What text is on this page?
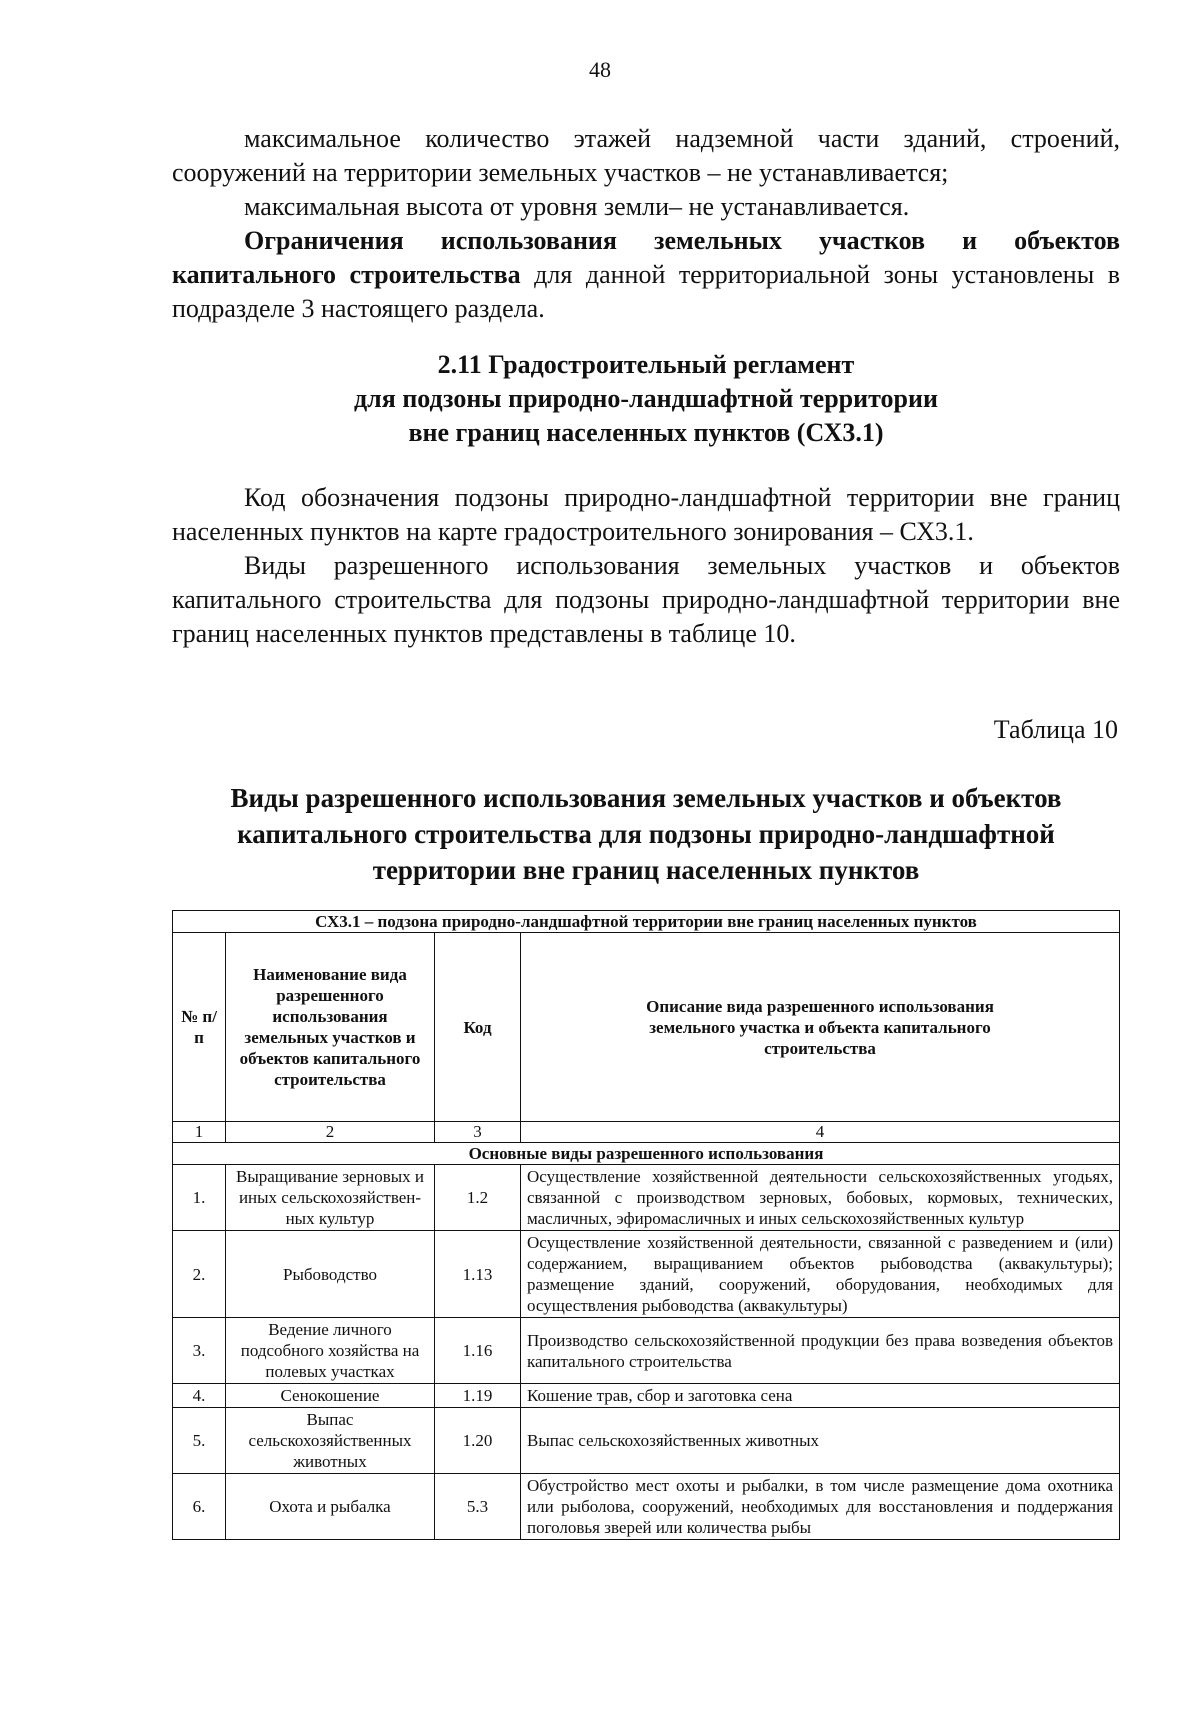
48

максимальное количество этажей надземной части зданий, строений, сооружений на территории земельных участков – не устанавливается;

максимальная высота от уровня земли– не устанавливается.

Ограничения использования земельных участков и объектов капитального строительства для данной территориальной зоны установлены в подразделе 3 настоящего раздела.

2.11 Градостроительный регламент
для подзоны природно-ландшафтной территории
вне границ населенных пунктов (СХ3.1)

Код обозначения подзоны природно-ландшафтной территории вне границ населенных пунктов на карте градостроительного зонирования – СХ3.1.

Виды разрешенного использования земельных участков и объектов капитального строительства для подзоны природно-ландшафтной территории вне границ населенных пунктов представлены в таблице 10.

Таблица 10
Виды разрешенного использования земельных участков и объектов
капитального строительства для подзоны природно-ландшафтной
территории вне границ населенных пунктов
СХ3.1 – подзона природно-ландшафтной территории вне границ населенных пунктов			
№ п/п	Наименование вида разрешенного использования земельных участков и объектов капитального строительства	Код	Описание вида разрешенного использования земельного участка и объекта капитального строительства
1	2	3	4
Основные виды разрешенного использования			
1.	Выращивание зерновых и иных сельскохозяйствен-ных культур	1.2	Осуществление хозяйственной деятельности сельскохозяйственных угодьях, связанной с производством зерновых, бобовых, кормовых, технических, масличных, эфиромасличных и иных сельскохозяйственных культур
2.	Рыбоводство	1.13	Осуществление хозяйственной деятельности, связанной с разведением и (или) содержанием, выращиванием объектов рыбоводства (аквакультуры); размещение зданий, сооружений, оборудования, необходимых для осуществления рыбоводства (аквакультуры)
3.	Ведение личного подсобного хозяйства на полевых участках	1.16	Производство сельскохозяйственной продукции без права возведения объектов капитального строительства
4.	Сенокошение	1.19	Кошение трав, сбор и заготовка сена
5.	Выпас сельскохозяйственных животных	1.20	Выпас сельскохозяйственных животных
6.	Охота и рыбалка	5.3	Обустройство мест охоты и рыбалки, в том числе размещение дома охотника или рыболова, сооружений, необходимых для восстановления и поддержания поголовья зверей или количества рыбы
